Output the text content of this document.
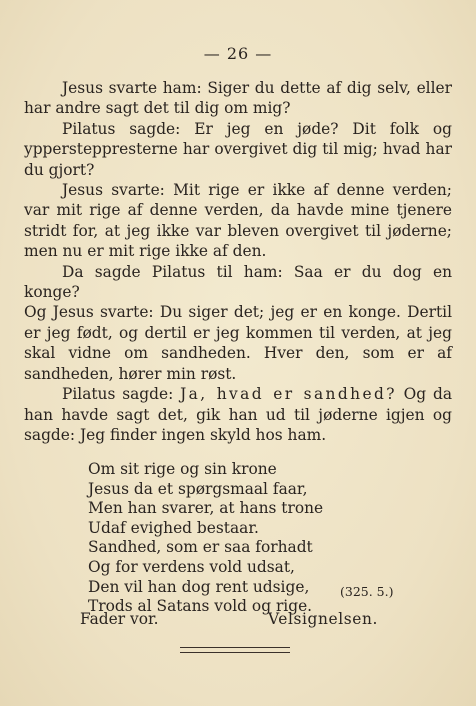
— 26 —

Jesus svarte ham: Siger du dette af dig selv, eller har andre sagt det til dig om mig?

Pilatus sagde: Er jeg en jøde? Dit folk og yppersteppresterne har overgivet dig til mig; hvad har du gjort?

Jesus svarte: Mit rige er ikke af denne verden; var mit rige af denne verden, da havde mine tjenere stridt for, at jeg ikke var bleven overgivet til jøderne; men nu er mit rige ikke af den.

Da sagde Pilatus til ham: Saa er du dog en konge?

Og Jesus svarte: Du siger det; jeg er en konge. Dertil er jeg født, og dertil er jeg kommen til verden, at jeg skal vidne om sandheden. Hver den, som er af sandheden, hører min røst.

Pilatus sagde: Ja, hvad er sandhed? Og da han havde sagt det, gik han ud til jøderne igjen og sagde: Jeg finder ingen skyld hos ham.

Om sit rige og sin krone
Jesus da et spørgsmaal faar,
Men han svarer, at hans trone
Udaf evighed bestaar.
Sandhed, som er saa forhadt
Og for verdens vold udsat,
Den vil han dog rent udsige,
Trods al Satans vold og rige.
(325. 5.)
Fader vor.	Velsignelsen.
